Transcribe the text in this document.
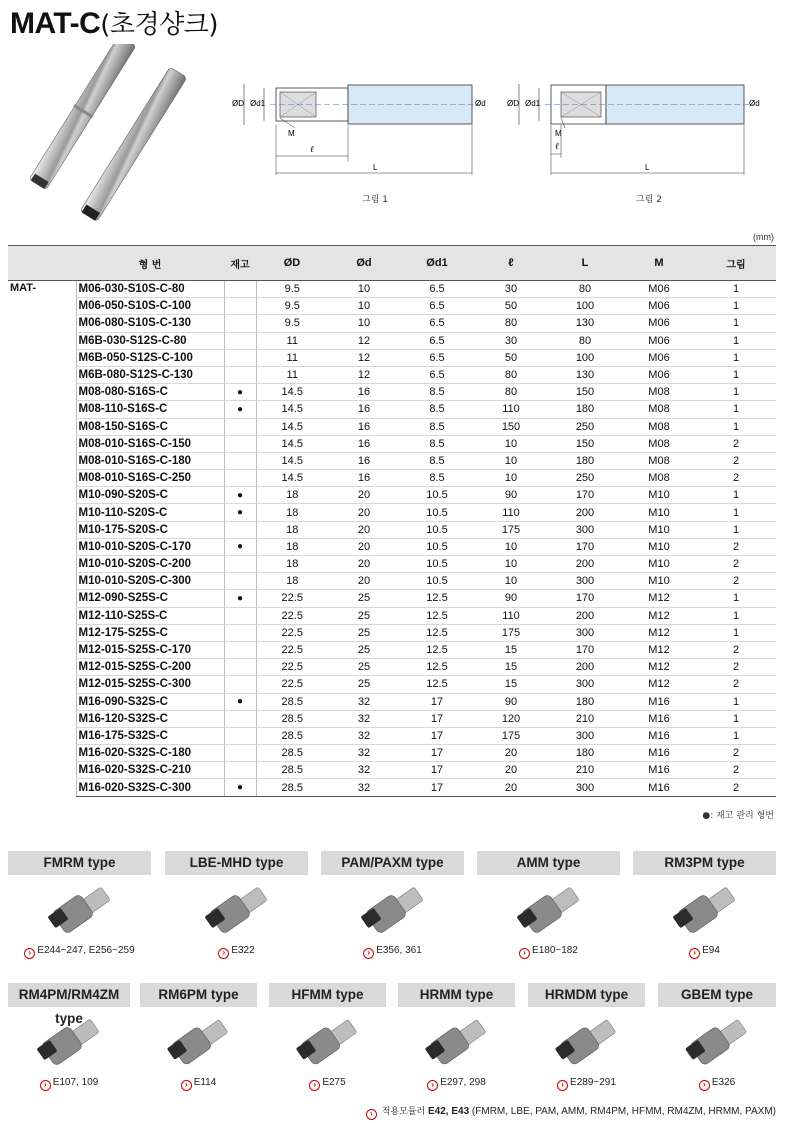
MAT-C(초경샹크)
ØD Ød1	Ød
M
ℓ
L
그림 1
ØD Ød1	Ød
M
ℓ
L
그림 2
(mm)
	형 번	재고	ØD	Ød	Ød1	ℓ	L	M	그림
MAT-	M06-030-S10S-C-80		9.5	10	6.5	30	80	M06	1
	M06-050-S10S-C-100		9.5	10	6.5	50	100	M06	1
	M06-080-S10S-C-130		9.5	10	6.5	80	130	M06	1
	M6B-030-S12S-C-80		11	12	6.5	30	80	M06	1
	M6B-050-S12S-C-100		11	12	6.5	50	100	M06	1
	M6B-080-S12S-C-130		11	12	6.5	80	130	M06	1
	M08-080-S16S-C	●	14.5	16	8.5	80	150	M08	1
	M08-110-S16S-C	●	14.5	16	8.5	110	180	M08	1
	M08-150-S16S-C		14.5	16	8.5	150	250	M08	1
	M08-010-S16S-C-150		14.5	16	8.5	10	150	M08	2
	M08-010-S16S-C-180		14.5	16	8.5	10	180	M08	2
	M08-010-S16S-C-250		14.5	16	8.5	10	250	M08	2
	M10-090-S20S-C	●	18	20	10.5	90	170	M10	1
	M10-110-S20S-C	●	18	20	10.5	110	200	M10	1
	M10-175-S20S-C		18	20	10.5	175	300	M10	1
	M10-010-S20S-C-170	●	18	20	10.5	10	170	M10	2
	M10-010-S20S-C-200		18	20	10.5	10	200	M10	2
	M10-010-S20S-C-300		18	20	10.5	10	300	M10	2
	M12-090-S25S-C	●	22.5	25	12.5	90	170	M12	1
	M12-110-S25S-C		22.5	25	12.5	110	200	M12	1
	M12-175-S25S-C		22.5	25	12.5	175	300	M12	1
	M12-015-S25S-C-170		22.5	25	12.5	15	170	M12	2
	M12-015-S25S-C-200		22.5	25	12.5	15	200	M12	2
	M12-015-S25S-C-300		22.5	25	12.5	15	300	M12	2
	M16-090-S32S-C	●	28.5	32	17	90	180	M16	1
	M16-120-S32S-C		28.5	32	17	120	210	M16	1
	M16-175-S32S-C		28.5	32	17	175	300	M16	1
	M16-020-S32S-C-180		28.5	32	17	20	180	M16	2
	M16-020-S32S-C-210		28.5	32	17	20	210	M16	2
	M16-020-S32S-C-300	●	28.5	32	17	20	300	M16	2
●: 재고 관리 형번
FMRM type
› E244~247, E256~259
LBE-MHD type
› E322
PAM/PAXM type
› E356, 361
AMM type
› E180~182
RM3PM type
› E94
RM4PM/RM4ZM type
› E107, 109
RM6PM type
› E114
HFMM type
› E275
HRMM type
› E297, 298
HRMDM type
› E289~291
GBEM type
› E326
› 적용모듈러 E42, E43 (FMRM, LBE, PAM, AMM, RM4PM, HFMM, RM4ZM, HRMM, PAXM)
